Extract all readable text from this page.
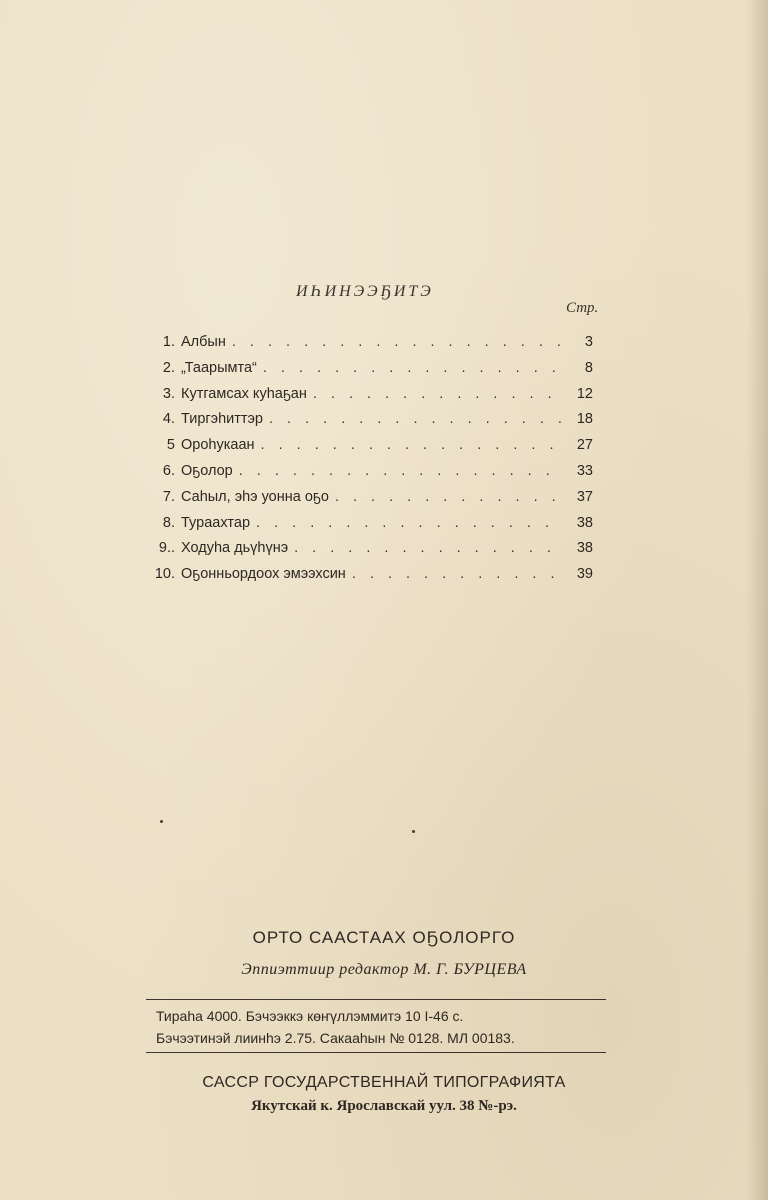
ИҺИНЭЭҔИТЭ
Стр.
1. Албын . . .	3
2. „Таарымта“ . . .	8
3. Кутгамсах куһаҕан . . .	12
4. Тиргэһиттэр . . .	18
5 Ороһукаан . . .	27
6. Оҕолор . . .	33
7. Саһыл, эһэ уонна оҕо . . .	37
8. Тураахтар . . .	38
9.. Ходуһа дьүһүнэ . . .	38
10. Оҕонньордоох эмээхсин . . .	39
ОРТО СААСТААХ ОҔОЛОРГО
Эппиэттиир редактор М. Г. БУРЦЕВА
Тираһа 4000. Бэчээккэ көҥүллэммитэ 10 I-46 с.
Бэчээтинэй лиинһэ 2.75. Сакааһын № 0128. МЛ 00183.
САССР ГОСУДАРСТВЕННАЙ ТИПОГРАФИЯТА
Якутскай к. Ярославскай уул. 38 №-рэ.
